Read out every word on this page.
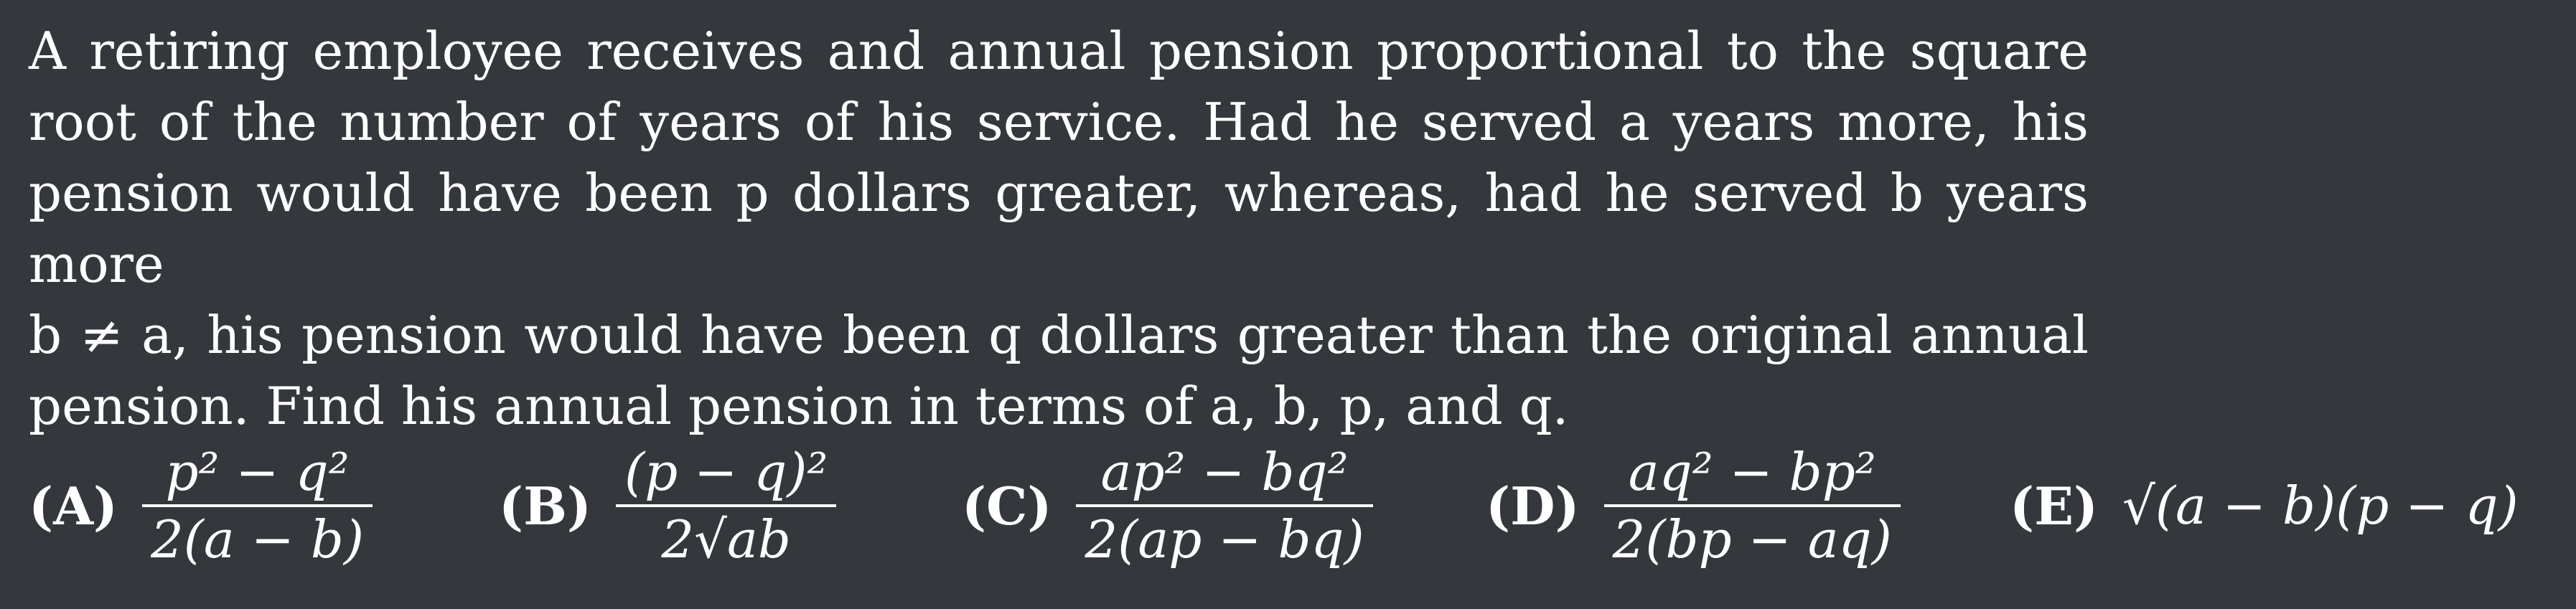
A retiring employee receives and annual pension proportional to the square
root of the number of years of his service. Had he served a years more, his
pension would have been p dollars greater, whereas, had he served b years more
b ≠ a, his pension would have been q dollars greater than the original annual
pension. Find his annual pension in terms of a, b, p, and q.
$(A) \frac{\text{p² − q²}}{2(a - b)} (B) \frac{\text{(p − q)²}}{2√ab} (C) \frac{\text{ap² − bq²}}{2(ap - bq)} (D) \frac{\text{aq² − bp²}}{2(bp - aq)} (E) √(a - b)(p - q)$
